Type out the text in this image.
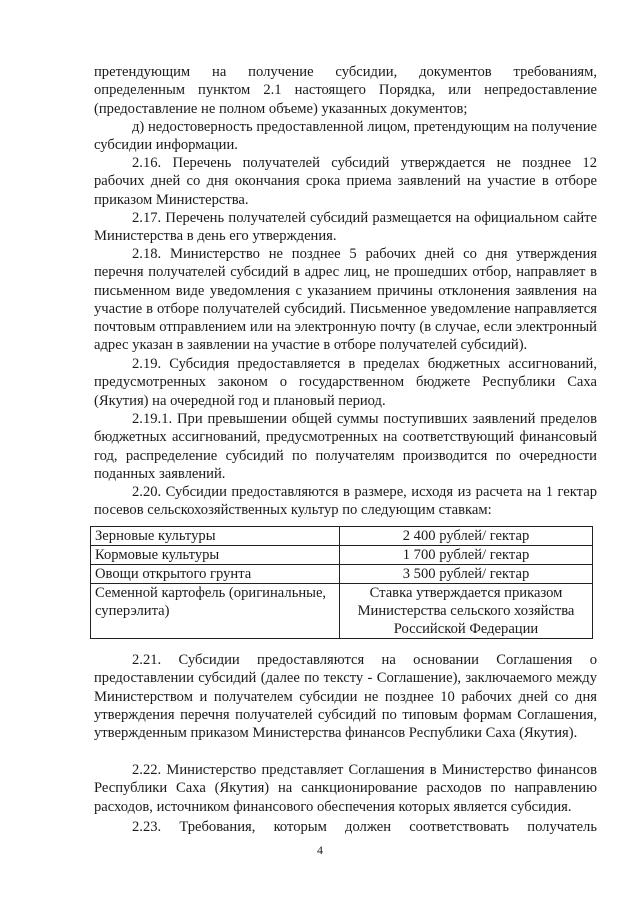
претендующим на получение субсидии, документов требованиям, определенным пунктом 2.1 настоящего Порядка, или непредоставление (предоставление не полном объеме) указанных документов;

д) недостоверность предоставленной лицом, претендующим на получение субсидии информации.

2.16. Перечень получателей субсидий утверждается не позднее 12 рабочих дней со дня окончания срока приема заявлений на участие в отборе приказом Министерства.

2.17. Перечень получателей субсидий размещается на официальном сайте Министерства в день его утверждения.

2.18. Министерство не позднее 5 рабочих дней со дня утверждения перечня получателей субсидий в адрес лиц, не прошедших отбор, направляет в письменном виде уведомления с указанием причины отклонения заявления на участие в отборе получателей субсидий. Письменное уведомление направляется почтовым отправлением или на электронную почту (в случае, если электронный адрес указан в заявлении на участие в отборе получателей субсидий).

2.19. Субсидия предоставляется в пределах бюджетных ассигнований, предусмотренных законом о государственном бюджете Республики Саха (Якутия) на очередной год и плановый период.

2.19.1. При превышении общей суммы поступивших заявлений пределов бюджетных ассигнований, предусмотренных на соответствующий финансовый год, распределение субсидий по получателям производится по очередности поданных заявлений.

2.20. Субсидии предоставляются в размере, исходя из расчета на 1 гектар посевов сельскохозяйственных культур по следующим ставкам:

Зерновые культуры	2 400 рублей/ гектар
Кормовые культуры	1 700 рублей/ гектар
Овощи открытого грунта	3 500 рублей/ гектар
Семенной картофель (оригинальные, суперэлита)	Ставка утверждается приказом Министерства сельского хозяйства Российской Федерации

2.21. Субсидии предоставляются на основании Соглашения о предоставлении субсидий (далее по тексту - Соглашение), заключаемого между Министерством и получателем субсидии не позднее 10 рабочих дней со дня утверждения перечня получателей субсидий по типовым формам Соглашения, утвержденным приказом Министерства финансов Республики Саха (Якутия).

2.22. Министерство представляет Соглашения в Министерство финансов Республики Саха (Якутия) на санкционирование расходов по направлению расходов, источником финансового обеспечения которых является субсидия.

2.23. Требования, которым должен соответствовать получатель

4
